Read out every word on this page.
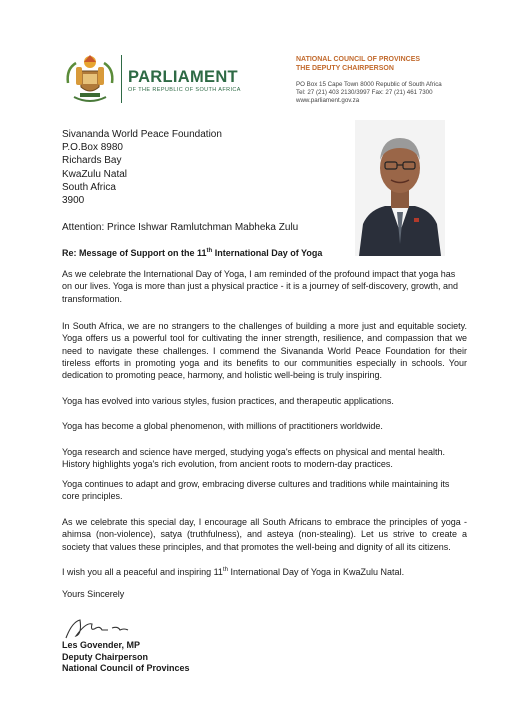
PARLIAMENT
OF THE REPUBLIC OF SOUTH AFRICA
NATIONAL COUNCIL OF PROVINCES
THE DEPUTY CHAIRPERSON
PO Box 15 Cape Town 8000 Republic of South Africa
Tel: 27 (21) 403 2130/3997 Fax: 27 (21) 461 7300
www.parliament.gov.za
Sivananda World Peace Foundation
P.O.Box 8980
Richards Bay
KwaZulu Natal
South Africa
3900
Attention: Prince Ishwar Ramlutchman Mabheka Zulu
Re: Message of Support on the 11th International Day of Yoga
As we celebrate the International Day of Yoga, I am reminded of the profound impact that yoga has on our lives. Yoga is more than just a physical practice - it is a journey of self-discovery, growth, and transformation.
In South Africa, we are no strangers to the challenges of building a more just and equitable society. Yoga offers us a powerful tool for cultivating the inner strength, resilience, and compassion that we need to navigate these challenges. I commend the Sivananda World Peace Foundation for their tireless efforts in promoting yoga and its benefits to our communities especially in schools. Your dedication to promoting peace, harmony, and holistic well-being is truly inspiring.
Yoga has evolved into various styles, fusion practices, and therapeutic applications.
Yoga has become a global phenomenon, with millions of practitioners worldwide.
Yoga research and science have merged, studying yoga's effects on physical and mental health. History highlights yoga's rich evolution, from ancient roots to modern-day practices.
Yoga continues to adapt and grow, embracing diverse cultures and traditions while maintaining its core principles.
As we celebrate this special day, I encourage all South Africans to embrace the principles of yoga - ahimsa (non-violence), satya (truthfulness), and asteya (non-stealing). Let us strive to create a society that values these principles, and that promotes the well-being and dignity of all its citizens.
I wish you all a peaceful and inspiring 11th International Day of Yoga in KwaZulu Natal.
Yours Sincerely
Les Govender, MP
Deputy Chairperson
National Council of Provinces
